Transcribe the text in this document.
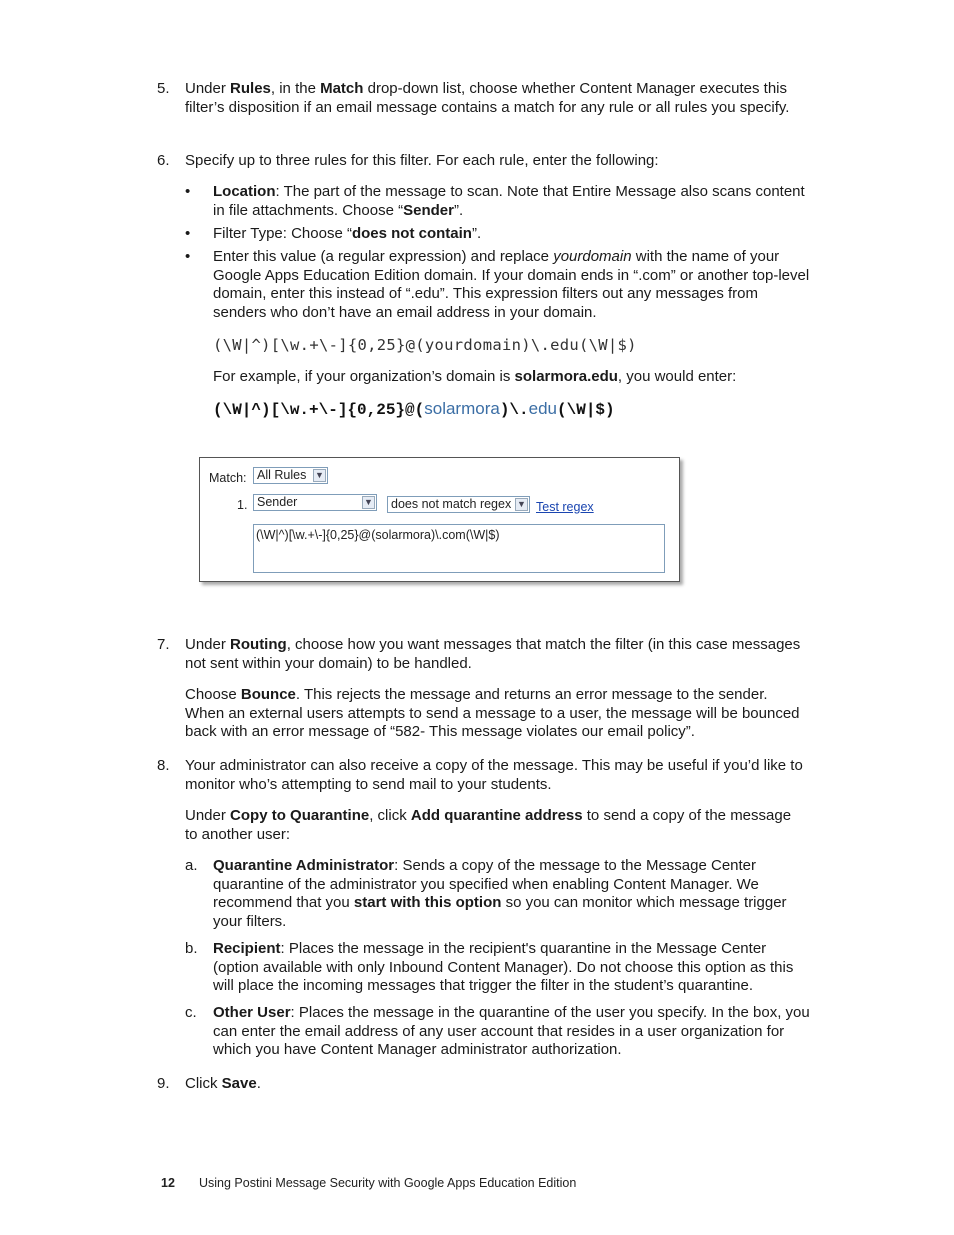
5. Under Rules, in the Match drop-down list, choose whether Content Manager executes this filter’s disposition if an email message contains a match for any rule or all rules you specify.

6. Specify up to three rules for this filter. For each rule, enter the following:

• Location: The part of the message to scan. Note that Entire Message also scans content in file attachments. Choose “Sender”.

• Filter Type: Choose “does not contain”.

• Enter this value (a regular expression) and replace yourdomain with the name of your Google Apps Education Edition domain. If your domain ends in “.com” or another top-level domain, enter this instead of “.edu”. This expression filters out any messages from senders who don’t have an email address in your domain.

(\W|^)[\w.+\-]{0,25}@(yourdomain)\.edu(\W|$)

For example, if your organization’s domain is solarmora.edu, you would enter:

(\W|^)[\w.+\-]{0,25}@(solarmora)\.edu(\W|$)

Match: All Rules ▼
1. Sender	▼	does not match regex ▼ Test regex
(\W|^)[\w.+\-]{0,25}@(solarmora)\.com(\W|$)
7. Under Routing, choose how you want messages that match the filter (in this case messages not sent within your domain) to be handled.

Choose Bounce. This rejects the message and returns an error message to the sender. When an external users attempts to send a message to a user, the message will be bounced back with an error message of “582- This message violates our email policy”.

8. Your administrator can also receive a copy of the message. This may be useful if you’d like to monitor who’s attempting to send mail to your students.

Under Copy to Quarantine, click Add quarantine address to send a copy of the message to another user:

a. Quarantine Administrator: Sends a copy of the message to the Message Center quarantine of the administrator you specified when enabling Content Manager. We recommend that you start with this option so you can monitor which message trigger your filters.

b. Recipient: Places the message in the recipient's quarantine in the Message Center (option available with only Inbound Content Manager). Do not choose this option as this will place the incoming messages that trigger the filter in the student’s quarantine.

c. Other User: Places the message in the quarantine of the user you specify. In the box, you can enter the email address of any user account that resides in a user organization for which you have Content Manager administrator authorization.

9. Click Save.

12 Using Postini Message Security with Google Apps Education Edition
